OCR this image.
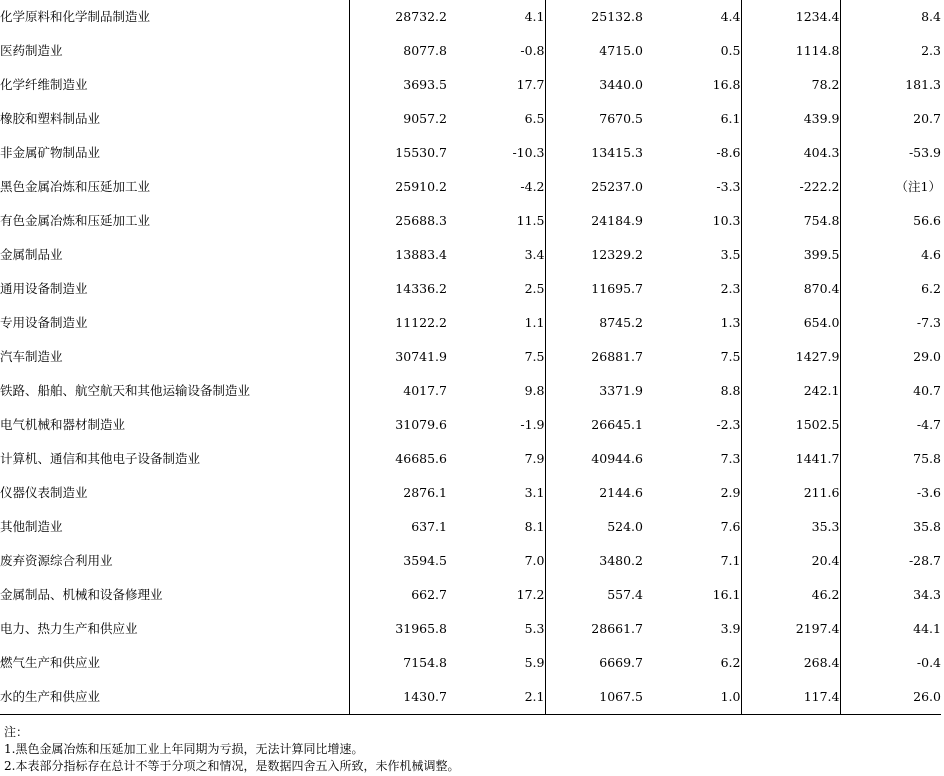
化学原料和化学制品制造业	28732.2	4.1	25132.8	4.4	1234.4	8.4
医药制造业	8077.8	-0.8	4715.0	0.5	1114.8	2.3
化学纤维制造业	3693.5	17.7	3440.0	16.8	78.2	181.3
橡胶和塑料制品业	9057.2	6.5	7670.5	6.1	439.9	20.7
非金属矿物制品业	15530.7	-10.3	13415.3	-8.6	404.3	-53.9
黑色金属冶炼和压延加工业	25910.2	-4.2	25237.0	-3.3	-222.2	（注1）
有色金属冶炼和压延加工业	25688.3	11.5	24184.9	10.3	754.8	56.6
金属制品业	13883.4	3.4	12329.2	3.5	399.5	4.6
通用设备制造业	14336.2	2.5	11695.7	2.3	870.4	6.2
专用设备制造业	11122.2	1.1	8745.2	1.3	654.0	-7.3
汽车制造业	30741.9	7.5	26881.7	7.5	1427.9	29.0
铁路、船舶、航空航天和其他运输设备制造业	4017.7	9.8	3371.9	8.8	242.1	40.7
电气机械和器材制造业	31079.6	-1.9	26645.1	-2.3	1502.5	-4.7
计算机、通信和其他电子设备制造业	46685.6	7.9	40944.6	7.3	1441.7	75.8
仪器仪表制造业	2876.1	3.1	2144.6	2.9	211.6	-3.6
其他制造业	637.1	8.1	524.0	7.6	35.3	35.8
废弃资源综合利用业	3594.5	7.0	3480.2	7.1	20.4	-28.7
金属制品、机械和设备修理业	662.7	17.2	557.4	16.1	46.2	34.3
电力、热力生产和供应业	31965.8	5.3	28661.7	3.9	2197.4	44.1
燃气生产和供应业	7154.8	5.9	6669.7	6.2	268.4	-0.4
水的生产和供应业	1430.7	2.1	1067.5	1.0	117.4	26.0
注：
1.黑色金属冶炼和压延加工业上年同期为亏损，无法计算同比增速。
2.本表部分指标存在总计不等于分项之和情况，是数据四舍五入所致，未作机械调整。
